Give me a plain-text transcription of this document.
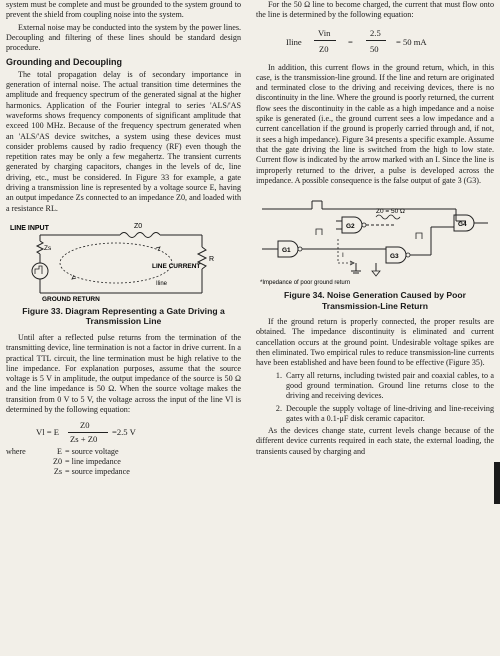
system must be complete and must be grounded to the system ground to prevent the shield from coupling noise into the system.

External noise may be conducted into the system by the power lines. Decoupling and filtering of these lines should be standard design procedure.

Grounding and Decoupling

The total propagation delay is of secondary importance in generation of internal noise. The actual transition time determines the amplitude and frequency spectrum of the generated signal at the higher harmonics. Application of the Fourier integral to series 'ALS/'AS waveforms shows frequency components of significant amplitude that exceed 100 MHz. Because of the frequency spectrum generated when an 'ALS/'AS device switches, a system using these devices must consider problems caused by radio frequency (RF) even though the repetition rates may be only a few megahertz. The transient currents generated by charging capacitors, changes in the levels of dc, line driving, etc., must be considered. In Figure 33 for example, a gate driving a transmission line is represented by a voltage source E, having an output impedance Zs connected to an impedance Z0, and loaded with a resistance RL.

LINE INPUT	Z0
Zs
R
LINE CURRENT
Iline
GROUND RETURN
Figure 33. Diagram Representing a Gate Driving a Transmission Line

Until after a reflected pulse returns from the termination of the transmitting device, line termination is not a factor in drive current. In a practical TTL circuit, the line termination must be high relative to the line impedance. For explanation purposes, assume that the source voltage is 5 V in amplitude, the output impedance of the source is 50 Ω and the line impedance is 50 Ω. When the source voltage makes the transition from 0 V to 5 V, the voltage across the input of the line Vl is determined by the following equation:

Vl = E
Z0
Zs + Z0
=2.5 V
where	E = source voltage
Z0 = line impedance
Zs = source impedance

For the 50 Ω line to become charged, the current that must flow onto the line is determined by the following equation:

Iline
Vin
Z0
=
2.5
50
= 50 mA

In addition, this current flows in the ground return, which, in this case, is the transmission-line ground. If the line and return are originated and terminated close to the driving and receiving devices, there is no discontinuity in the line. Where the ground is poorly returned, the current flow sees the discontinuity in the cable as a high impedance and a noise spike is generated (i.e., the ground current sees a low impedance and a current cancellation if the ground is properly carried through and, if not, it sees a high impedance). Figure 34 presents a specific example. Assume that the gate driving the line is switched from the high to low state. Current flow is indicated by the arrow marked with an I. Since the line is improperly returned to the driver, a pulse is developed across the impedance. A possible consequence is the false output of gate 3 (G3).

G4
G2
Z0 = 50 Ω
G1
G3
I
*Impedance of poor ground return
Figure 34. Noise Generation Caused by Poor Transmission-Line Return

If the ground return is properly connected, the proper results are obtained. The impedance discontinuity is eliminated and current cancellation occurs at the ground point. Undesirable voltage spikes are then eliminated. Two empirical rules to reduce transmission-line currents have been established and have been found to be effective (Figure 35).

1. Carry all returns, including twisted pair and coaxial cables, to a good ground termination. Ground line returns close to the driving and receiving devices.
2. Decouple the supply voltage of line-driving and line-receiving gates with a 0.1-μF disk ceramic capacitor.

As the devices change state, current levels change because of the different device currents required in each state, the external loading, the transients caused by charging and
